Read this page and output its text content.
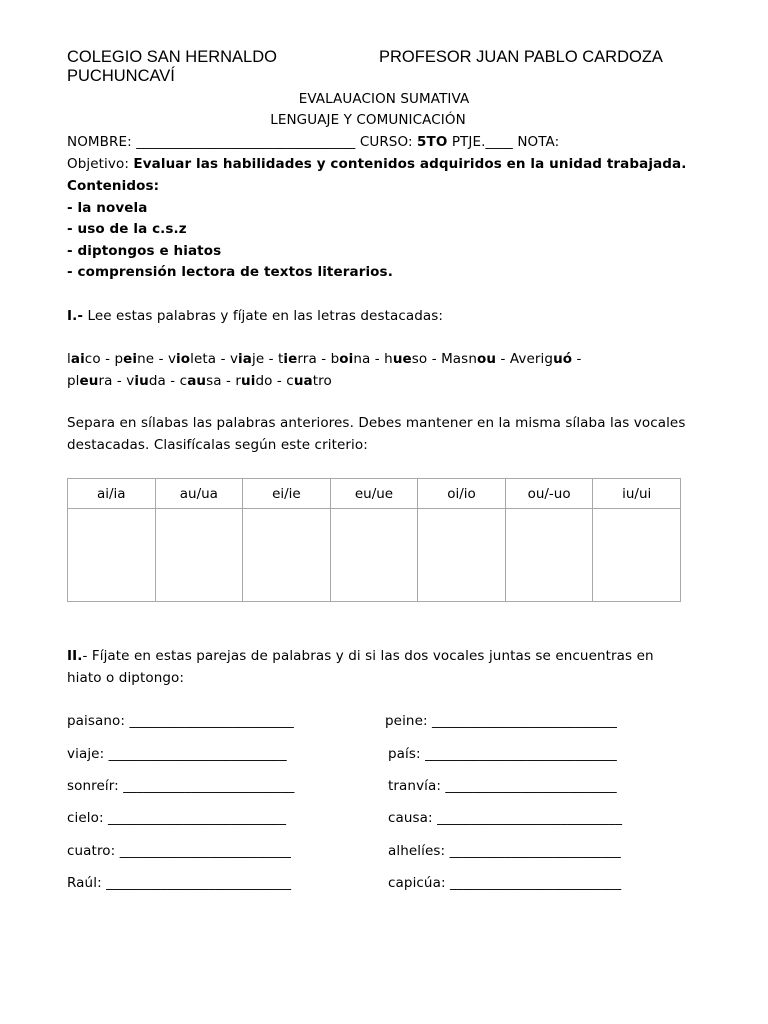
COLEGIO SAN HERNALDO	PROFESOR JUAN PABLO CARDOZA
PUCHUNCAVÍ
EVALAUACION SUMATIVA
LENGUAJE Y COMUNICACIÓN
NOMBRE: ________________________________ CURSO: 5TO PTJE.____ NOTA:
Objetivo: Evaluar las habilidades y contenidos adquiridos en la unidad trabajada.
Contenidos:
- la novela
- uso de la c.s.z
- diptongos e hiatos
- comprensión lectora de textos literarios.
I.- Lee estas palabras y fíjate en las letras destacadas:
laico - peine - violeta - viaje - tierra - boina - hueso - Masnou - Averiguó -
pleura - viuda - causa - ruido - cuatro
Separa en sílabas las palabras anteriores. Debes mantener en la misma sílaba las vocales
destacadas. Clasifícalas según este criterio:
ai/ia	au/ua	ei/ie	eu/ue	oi/io	ou/-uo	iu/ui

II.- Fíjate en estas parejas de palabras y di si las dos vocales juntas se encuentras en
hiato o diptongo:
paisano: ________________________
viaje: __________________________
sonreír: _________________________
cielo: __________________________
cuatro: _________________________
Raúl: ___________________________
peine: ___________________________
país: ____________________________
tranvía: _________________________
causa: ___________________________
alhelíes: _________________________
capicúa: _________________________
